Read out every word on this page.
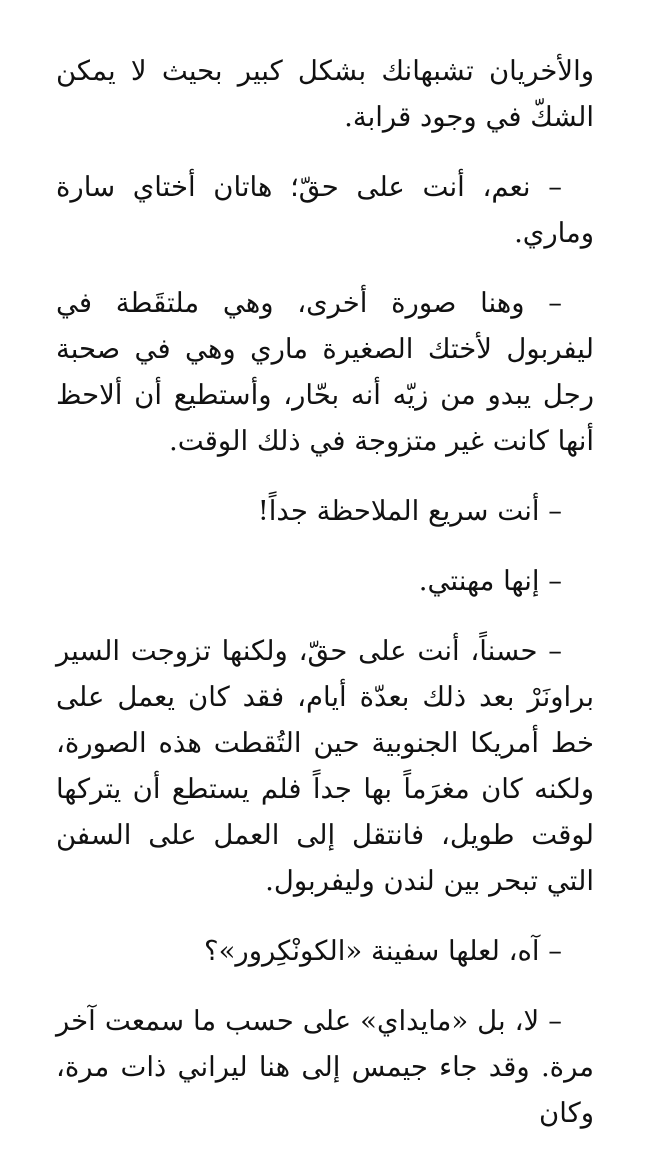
والأخريان تشبهانك بشكل كبير بحيث لا يمكن الشكّ في وجود قرابة.

– نعم، أنت على حقّ؛ هاتان أختاي سارة وماري.

– وهنا صورة أخرى، وهي ملتقَطة في ليفربول لأختك الصغيرة ماري وهي في صحبة رجل يبدو من زيّه أنه بحّار، وأستطيع أن ألاحظ أنها كانت غير متزوجة في ذلك الوقت.

– أنت سريع الملاحظة جداً!

– إنها مهنتي.

– حسناً، أنت على حقّ، ولكنها تزوجت السير براونَرْ بعد ذلك بعدّة أيام، فقد كان يعمل على خط أمريكا الجنوبية حين التُقطت هذه الصورة، ولكنه كان مغرَماً بها جداً فلم يستطع أن يتركها لوقت طويل، فانتقل إلى العمل على السفن التي تبحر بين لندن وليفربول.

– آه، لعلها سفينة «الكونْكِرور»؟

– لا، بل «مايداي» على حسب ما سمعت آخر مرة. وقد جاء جيمس إلى هنا ليراني ذات مرة، وكان
